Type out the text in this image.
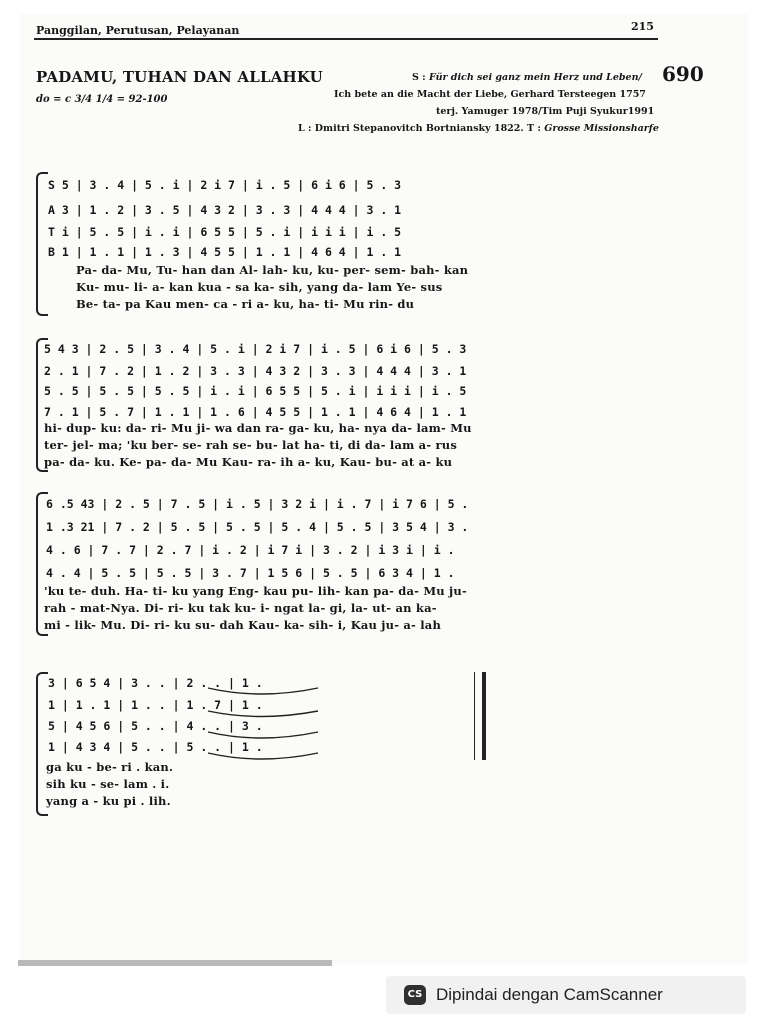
Panggilan, Perutusan, Pelayanan	215
PADAMU, TUHAN DAN ALLAHKU	690
do = c 3/4 1/4 = 92-100
S : Für dich sei ganz mein Herz und Leben/
Ich bete an die Macht der Liebe, Gerhard Tersteegen 1757
terj. Yamuger 1978/Tim Puji Syukur1991
L : Dmitri Stepanovitch Bortniansky 1822. T : Grosse Missionsharfe
S 5 | 3 . 4 | 5 . i | 2 i 7 | i . 5 | 6 i 6 | 5 . 3
A 3 | 1 . 2 | 3 . 5 | 4 3 2 | 3 . 3 | 4 4 4 | 3 . 1
T i | 5 . 5 | i . i | 6 5 5 | 5 . i | i i i | i . 5
B 1 | 1 . 1 | 1 . 3 | 4 5 5 | 1 . 1 | 4 6 4 | 1 . 1
Pa- da- Mu, Tu- han dan Al- lah- ku, ku- per- sem- bah- kan
Ku- mu- li- a- kan kua - sa ka- sih, yang da- lam Ye- sus
Be- ta- pa Kau men- ca - ri a- ku, ha- ti- Mu rin- du
5 4 3 | 2 . 5 | 3 . 4 | 5 . i | 2 i 7 | i . 5 | 6 i 6 | 5 . 3
2 . 1 | 7 . 2 | 1 . 2 | 3 . 3 | 4 3 2 | 3 . 3 | 4 4 4 | 3 . 1
5 . 5 | 5 . 5 | 5 . 5 | i . i | 6 5 5 | 5 . i | i i i | i . 5
7 . 1 | 5 . 7 | 1 . 1 | 1 . 6 | 4 5 5 | 1 . 1 | 4 6 4 | 1 . 1
hi- dup- ku: da- ri- Mu ji- wa dan ra- ga- ku, ha- nya da- lam- Mu
ter- jel- ma; 'ku ber- se- rah se- bu- lat ha- ti, di da- lam a- rus
pa- da- ku. Ke- pa- da- Mu Kau- ra- ih a- ku, Kau- bu- at a- ku
6 .5 43 | 2 . 5 | 7 . 5 | i . 5 | 3 2 i | i . 7 | i 7 6 | 5 .
1 .3 21 | 7 . 2 | 5 . 5 | 5 . 5 | 5 . 4 | 5 . 5 | 3 5 4 | 3 .
4 . 6 | 7 . 7 | 2 . 7 | i . 2 | i 7 i | 3 . 2 | i 3 i | i .
4 . 4 | 5 . 5 | 5 . 5 | 3 . 7 | 1 5 6 | 5 . 5 | 6 3 4 | 1 .
'ku te- duh. Ha- ti- ku yang Eng- kau pu- lih- kan pa- da- Mu ju-
rah - mat-Nya. Di- ri- ku tak ku- i- ngat la- gi, la- ut- an ka-
mi - lik- Mu. Di- ri- ku su- dah Kau- ka- sih- i, Kau ju- a- lah
3 | 6 5 4 | 3 . . | 2 . . | 1 .
1 | 1 . 1 | 1 . . | 1 . 7 | 1 .
5 | 4 5 6 | 5 . . | 4 . . | 3 .
1 | 4 3 4 | 5 . . | 5 . . | 1 .
ga ku - be- ri . kan.
sih ku - se- lam . i.
yang a - ku pi . lih.
CS Dipindai dengan CamScanner
